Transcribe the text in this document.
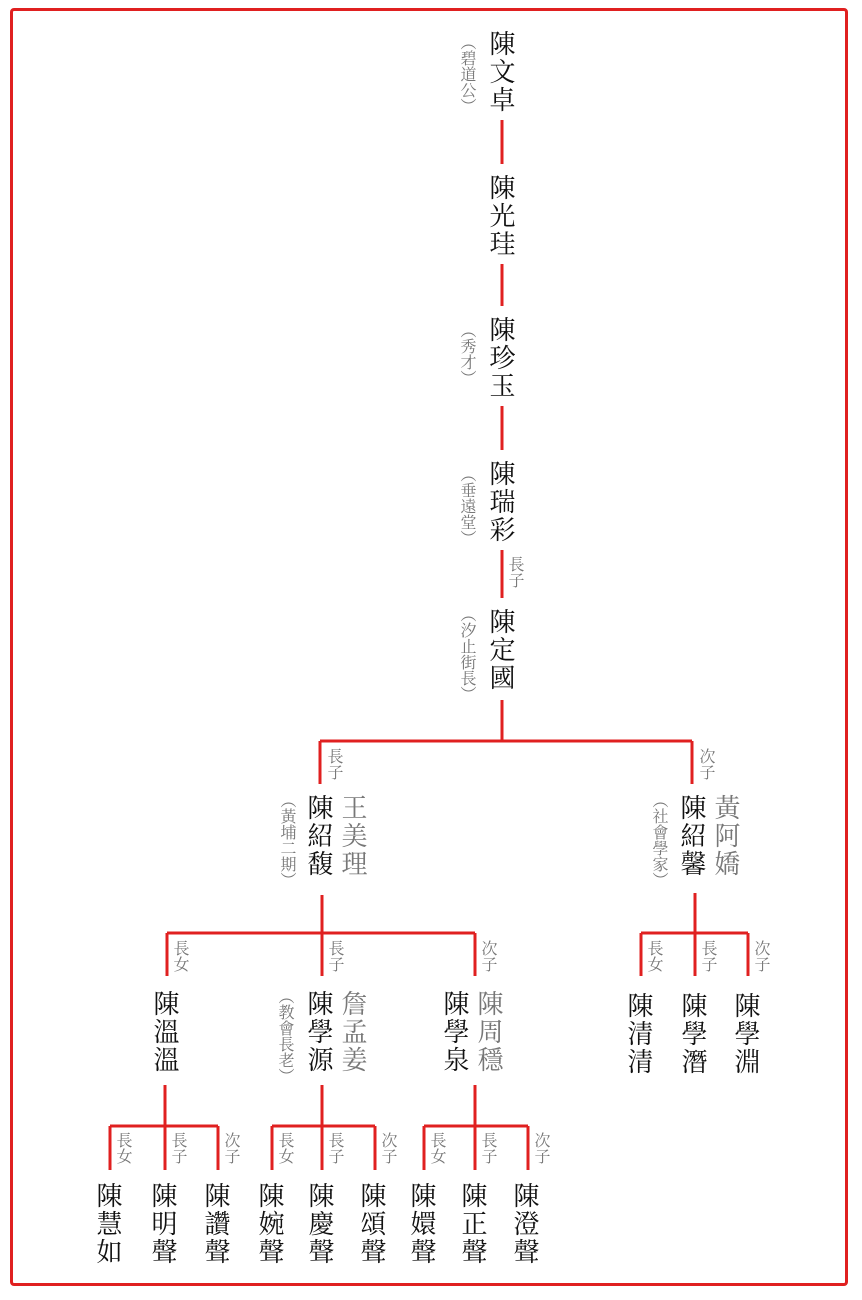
陳文卓
（碧道公）
陳光珪
陳珍玉
（秀才）
陳瑞彩
（垂遠堂）
長子
陳定國
（汐止街長）
長子
陳紹馥 王美理
（黃埔二期）
次子
陳紹馨 黃阿嬌
（社會學家）
長女
陳溫溫
長子
陳學源 詹孟姜
（教會長老）
次子
陳學泉 陳周穩
長女
陳清清
長子
陳學潛
次子
陳學淵
長女
陳慧如
長子
陳明聲
次子
陳讚聲
長女
陳婉聲
長子
陳慶聲
次子
陳頌聲
長女
陳嬛聲
長子
陳正聲
次子
陳澄聲
